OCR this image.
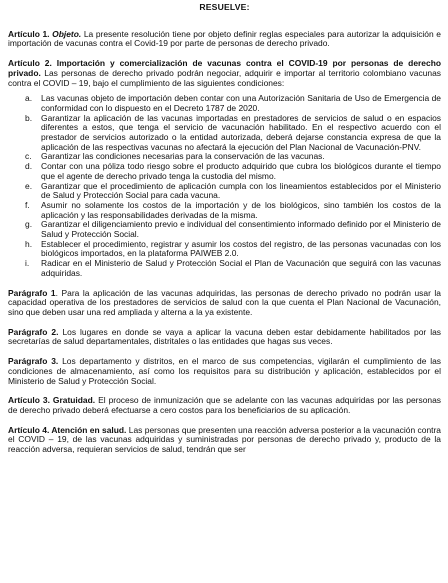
RESUELVE:

Artículo 1. Objeto. La presente resolución tiene por objeto definir reglas especiales para autorizar la adquisición e importación de vacunas contra el Covid-19 por parte de personas de derecho privado.

Artículo 2. Importación y comercialización de vacunas contra el COVID-19 por personas de derecho privado. Las personas de derecho privado podrán negociar, adquirir e importar al territorio colombiano vacunas contra el COVID – 19, bajo el cumplimiento de las siguientes condiciones:

a.	Las vacunas objeto de importación deben contar con una Autorización Sanitaria de Uso de Emergencia de conformidad con lo dispuesto en el Decreto 1787 de 2020.
b.	Garantizar la aplicación de las vacunas importadas en prestadores de servicios de salud o en espacios diferentes a estos, que tenga el servicio de vacunación habilitado. En el respectivo acuerdo con el prestador de servicios autorizado o la entidad autorizada, deberá dejarse constancia expresa de que la aplicación de las respectivas vacunas no afectará la ejecución del Plan Nacional de Vacunación-PNV.
c.	Garantizar las condiciones necesarias para la conservación de las vacunas.
d.	Contar con una póliza todo riesgo sobre el producto adquirido que cubra los biológicos durante el tiempo que el agente de derecho privado tenga la custodia del mismo.
e.	Garantizar que el procedimiento de aplicación cumpla con los lineamientos establecidos por el Ministerio de Salud y Protección Social para cada vacuna.
f.	Asumir no solamente los costos de la importación y de los biológicos, sino también los costos de la aplicación y las responsabilidades derivadas de la misma.
g.	Garantizar el diligenciamiento previo e individual del consentimiento informado definido por el Ministerio de Salud y Protección Social.
h.	Establecer el procedimiento, registrar y asumir los costos del registro, de las personas vacunadas con los biológicos importados, en la plataforma PAIWEB 2.0.
i.	Radicar en el Ministerio de Salud y Protección Social el Plan de Vacunación que seguirá con las vacunas adquiridas.

Parágrafo 1. Para la aplicación de las vacunas adquiridas, las personas de derecho privado no podrán usar la capacidad operativa de los prestadores de servicios de salud con la que cuenta el Plan Nacional de Vacunación, sino que deben usar una red ampliada y alterna a la ya existente.

Parágrafo 2. Los lugares en donde se vaya a aplicar la vacuna deben estar debidamente habilitados por las secretarías de salud departamentales, distritales o las entidades que hagas sus veces.

Parágrafo 3. Los departamento y distritos, en el marco de sus competencias, vigilarán el cumplimiento de las condiciones de almacenamiento, así como los requisitos para su distribución y aplicación, establecidos por el Ministerio de Salud y Protección Social.

Artículo 3. Gratuidad. El proceso de inmunización que se adelante con las vacunas adquiridas por las personas de derecho privado deberá efectuarse a cero costos para los beneficiarios de su aplicación.

Artículo 4. Atención en salud. Las personas que presenten una reacción adversa posterior a la vacunación contra el COVID – 19, de las vacunas adquiridas y suministradas por personas de derecho privado y, producto de la reacción adversa, requieran servicios de salud, tendrán que ser
